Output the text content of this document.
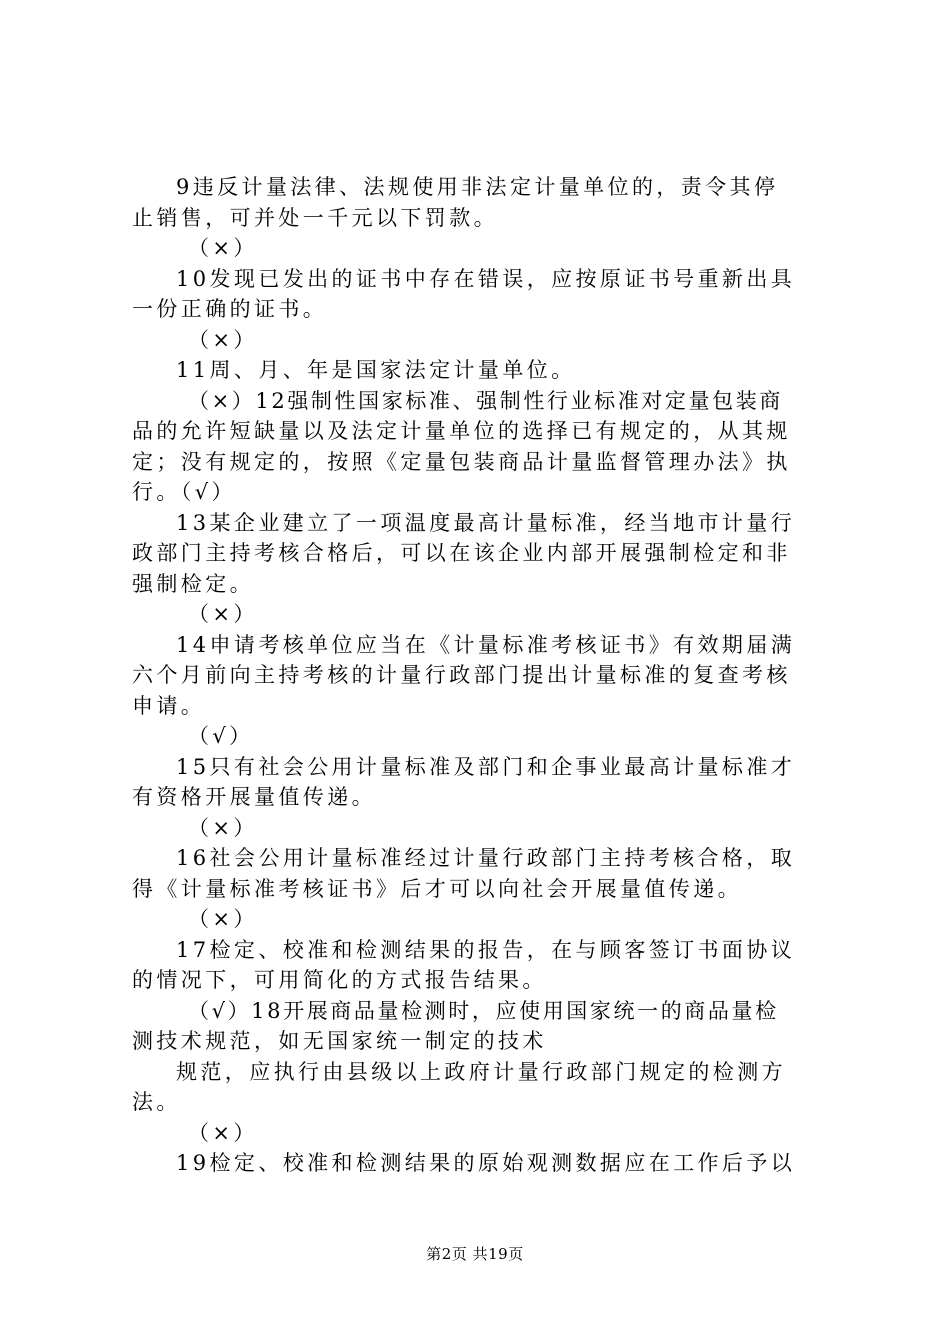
9违反计量法律、法规使用非法定计量单位的，责令其停
止销售，可并处一千元以下罚款。
（×）
10发现已发出的证书中存在错误，应按原证书号重新出具
一份正确的证书。
（×）
11周、月、年是国家法定计量单位。
（×）12强制性国家标准、强制性行业标准对定量包装商
品的允许短缺量以及法定计量单位的选择已有规定的，从其规
定；没有规定的，按照《定量包装商品计量监督管理办法》执
行。（√）
13某企业建立了一项温度最高计量标准，经当地市计量行
政部门主持考核合格后，可以在该企业内部开展强制检定和非
强制检定。
（×）
14申请考核单位应当在《计量标准考核证书》有效期届满
六个月前向主持考核的计量行政部门提出计量标准的复查考核
申请。
（√）
15只有社会公用计量标准及部门和企事业最高计量标准才
有资格开展量值传递。
（×）
16社会公用计量标准经过计量行政部门主持考核合格，取
得《计量标准考核证书》后才可以向社会开展量值传递。
（×）
17检定、校准和检测结果的报告，在与顾客签订书面协议
的情况下，可用简化的方式报告结果。
（√）18开展商品量检测时，应使用国家统一的商品量检
测技术规范，如无国家统一制定的技术
规范，应执行由县级以上政府计量行政部门规定的检测方
法。
（×）
19检定、校准和检测结果的原始观测数据应在工作后予以
第2页 共19页
